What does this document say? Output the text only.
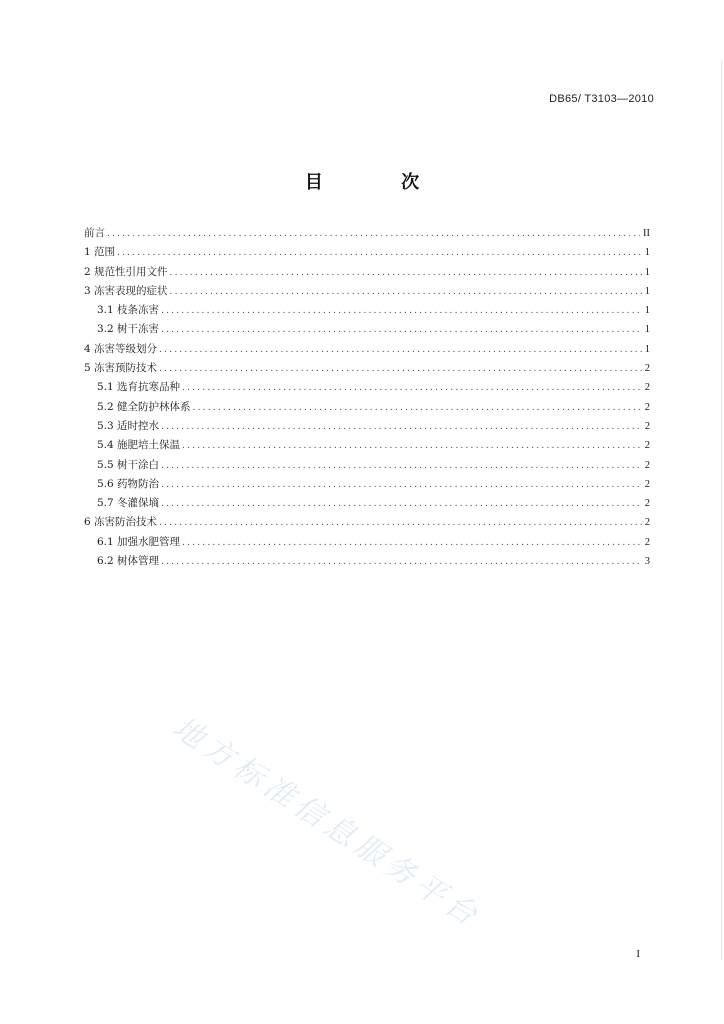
DB65/ T3103—2010
目 次
前言 .....	II
1 范围 .....	1
2 规范性引用文件 .....	1
3 冻害表现的症状 .....	1
3.1 枝条冻害 .....	1
3.2 树干冻害 .....	1
4 冻害等级划分 .....	1
5 冻害预防技术 .....	2
5.1 选育抗寒品种 .....	2
5.2 健全防护林体系 .....	2
5.3 适时控水 .....	2
5.4 施肥培土保温 .....	2
5.5 树干涂白 .....	2
5.6 药物防治 .....	2
5.7 冬灌保墒 .....	2
6 冻害防治技术 .....	2
6.1 加强水肥管理 .....	2
6.2 树体管理 .....	3
地方标准信息服务平台
I
